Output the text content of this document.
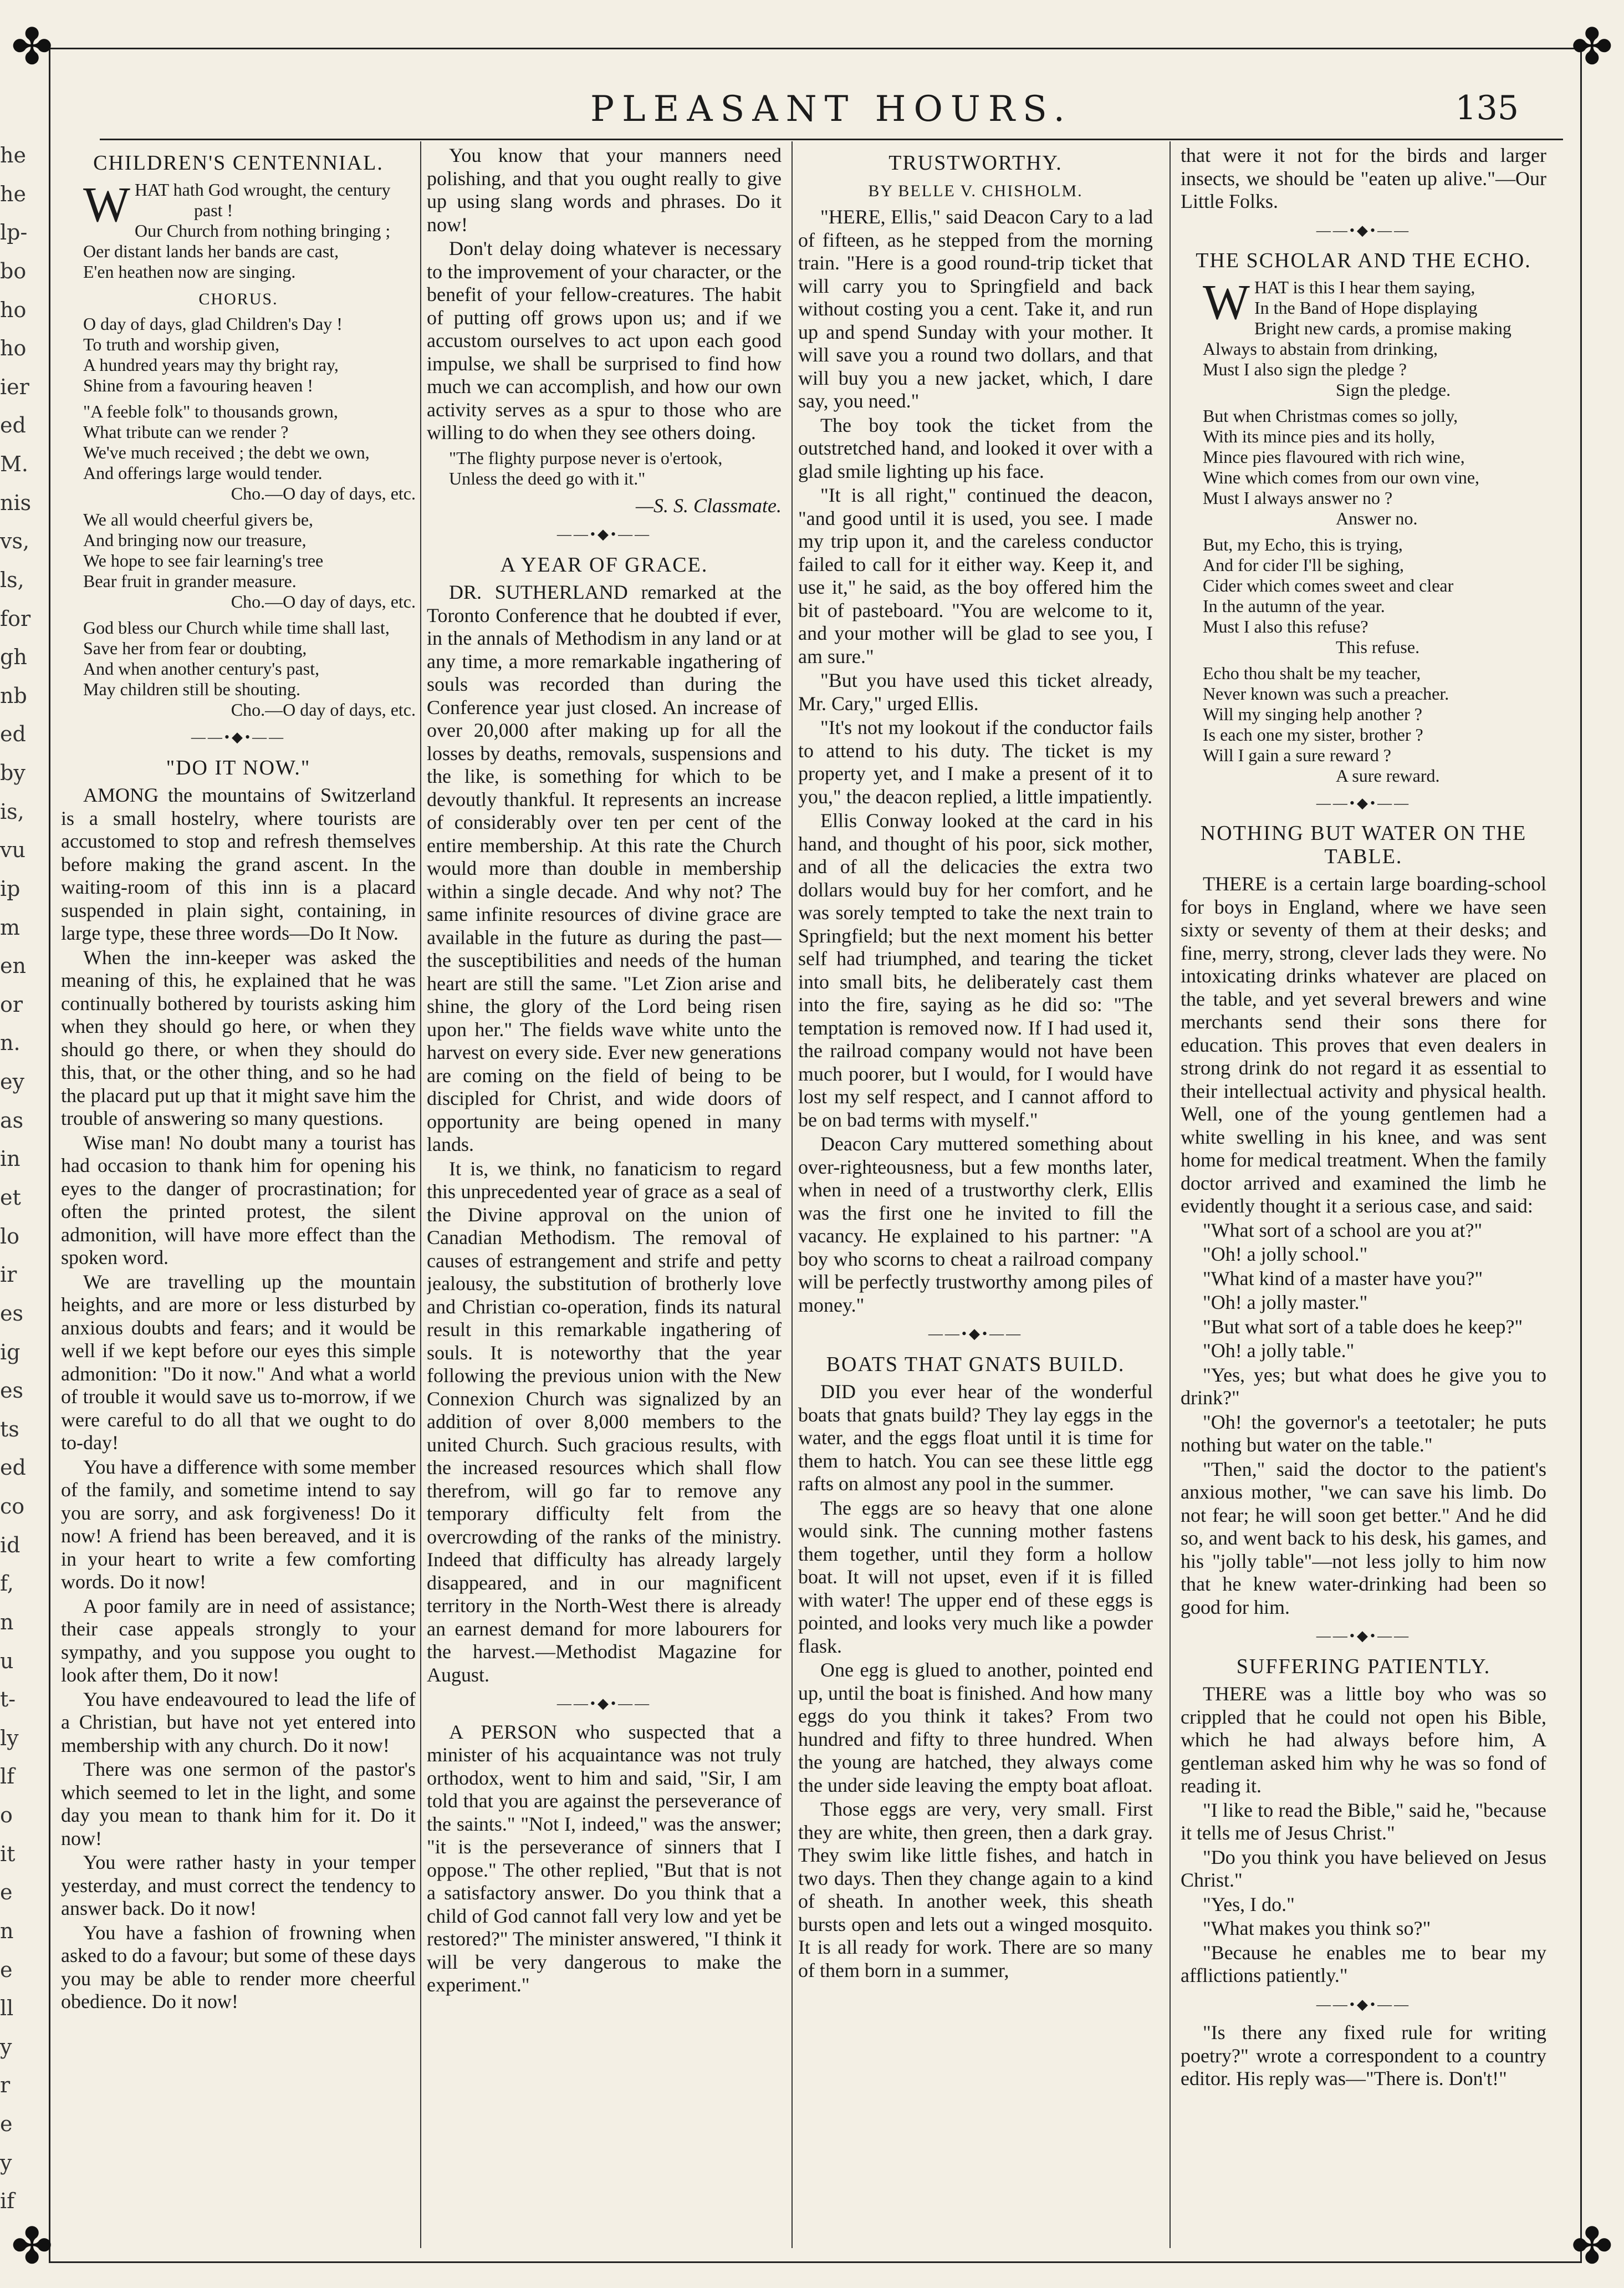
✤	✤
✤	✤
he
he
lp-
bo
ho
ho
ier
ed
M.
nis
vs,
ls,
for
gh
nb
ed
by
is,
vu
ip
m
en
or
n.
ey
as
in
et
lo
ir
es
ig
es
ts
ed
co
id
f,
n
u
t-
ly
lf
o
it
e
n
e
ll
y
r
e
y
if
PLEASANT HOURS.	135
CHILDREN'S CENTENNIAL.
W HAT hath God wrought, the century
past !
Our Church from nothing bringing ;
Oer distant lands her bands are cast,
E'en heathen now are singing.
CHORUS.
O day of days, glad Children's Day !
To truth and worship given,
A hundred years may thy bright ray,
Shine from a favouring heaven !
"A feeble folk" to thousands grown,
What tribute can we render ?
We've much received ; the debt we own,
And offerings large would tender.
Cho.—O day of days, etc.
We all would cheerful givers be,
And bringing now our treasure,
We hope to see fair learning's tree
Bear fruit in grander measure.
Cho.—O day of days, etc.
God bless our Church while time shall last,
Save her from fear or doubting,
And when another century's past,
May children still be shouting.
Cho.—O day of days, etc.
——•◆•——
"DO IT NOW."

AMONG the mountains of Switzerland is a small hostelry, where tourists are accustomed to stop and refresh themselves before making the grand ascent. In the waiting-room of this inn is a placard suspended in plain sight, containing, in large type, these three words—Do It Now.

When the inn-keeper was asked the meaning of this, he explained that he was continually bothered by tourists asking him when they should go here, or when they should go there, or when they should do this, that, or the other thing, and so he had the placard put up that it might save him the trouble of answering so many questions.

Wise man! No doubt many a tourist has had occasion to thank him for opening his eyes to the danger of procrastination; for often the printed protest, the silent admonition, will have more effect than the spoken word.

We are travelling up the mountain heights, and are more or less disturbed by anxious doubts and fears; and it would be well if we kept before our eyes this simple admonition: "Do it now." And what a world of trouble it would save us to-morrow, if we were careful to do all that we ought to do to-day!

You have a difference with some member of the family, and sometime intend to say you are sorry, and ask forgiveness! Do it now! A friend has been bereaved, and it is in your heart to write a few comforting words. Do it now!

A poor family are in need of assistance; their case appeals strongly to your sympathy, and you suppose you ought to look after them, Do it now!

You have endeavoured to lead the life of a Christian, but have not yet entered into membership with any church. Do it now!

There was one sermon of the pastor's which seemed to let in the light, and some day you mean to thank him for it. Do it now!

You were rather hasty in your temper yesterday, and must correct the tendency to answer back. Do it now!

You have a fashion of frowning when asked to do a favour; but some of these days you may be able to render more cheerful obedience. Do it now!

You know that your manners need polishing, and that you ought really to give up using slang words and phrases. Do it now!

Don't delay doing whatever is necessary to the improvement of your character, or the benefit of your fellow-creatures. The habit of putting off grows upon us; and if we accustom ourselves to act upon each good impulse, we shall be surprised to find how much we can accomplish, and how our own activity serves as a spur to those who are willing to do when they see others doing.

"The flighty purpose never is o'ertook,
Unless the deed go with it."
—S. S. Classmate.
——•◆•——
A YEAR OF GRACE.

DR. SUTHERLAND remarked at the Toronto Conference that he doubted if ever, in the annals of Methodism in any land or at any time, a more remarkable ingathering of souls was recorded than during the Conference year just closed. An increase of over 20,000 after making up for all the losses by deaths, removals, suspensions and the like, is something for which to be devoutly thankful. It represents an increase of considerably over ten per cent of the entire membership. At this rate the Church would more than double in membership within a single decade. And why not? The same infinite resources of divine grace are available in the future as during the past—the susceptibilities and needs of the human heart are still the same. "Let Zion arise and shine, the glory of the Lord being risen upon her." The fields wave white unto the harvest on every side. Ever new generations are coming on the field of being to be discipled for Christ, and wide doors of opportunity are being opened in many lands.

It is, we think, no fanaticism to regard this unprecedented year of grace as a seal of the Divine approval on the union of Canadian Methodism. The removal of causes of estrangement and strife and petty jealousy, the substitution of brotherly love and Christian co-operation, finds its natural result in this remarkable ingathering of souls. It is noteworthy that the year following the previous union with the New Connexion Church was signalized by an addition of over 8,000 members to the united Church. Such gracious results, with the increased resources which shall flow therefrom, will go far to remove any temporary difficulty felt from the overcrowding of the ranks of the ministry. Indeed that difficulty has already largely disappeared, and in our magnificent territory in the North-West there is already an earnest demand for more labourers for the harvest.—Methodist Magazine for August.

——•◆•——

A PERSON who suspected that a minister of his acquaintance was not truly orthodox, went to him and said, "Sir, I am told that you are against the perseverance of the saints." "Not I, indeed," was the answer; "it is the perseverance of sinners that I oppose." The other replied, "But that is not a satisfactory answer. Do you think that a child of God cannot fall very low and yet be restored?" The minister answered, "I think it will be very dangerous to make the experiment."

TRUSTWORTHY.
BY BELLE V. CHISHOLM.

"HERE, Ellis," said Deacon Cary to a lad of fifteen, as he stepped from the morning train. "Here is a good round-trip ticket that will carry you to Springfield and back without costing you a cent. Take it, and run up and spend Sunday with your mother. It will save you a round two dollars, and that will buy you a new jacket, which, I dare say, you need."

The boy took the ticket from the outstretched hand, and looked it over with a glad smile lighting up his face.

"It is all right," continued the deacon, "and good until it is used, you see. I made my trip upon it, and the careless conductor failed to call for it either way. Keep it, and use it," he said, as the boy offered him the bit of pasteboard. "You are welcome to it, and your mother will be glad to see you, I am sure."

"But you have used this ticket already, Mr. Cary," urged Ellis.

"It's not my lookout if the conductor fails to attend to his duty. The ticket is my property yet, and I make a present of it to you," the deacon replied, a little impatiently.

Ellis Conway looked at the card in his hand, and thought of his poor, sick mother, and of all the delicacies the extra two dollars would buy for her comfort, and he was sorely tempted to take the next train to Springfield; but the next moment his better self had triumphed, and tearing the ticket into small bits, he deliberately cast them into the fire, saying as he did so: "The temptation is removed now. If I had used it, the railroad company would not have been much poorer, but I would, for I would have lost my self respect, and I cannot afford to be on bad terms with myself."

Deacon Cary muttered something about over-righteousness, but a few months later, when in need of a trustworthy clerk, Ellis was the first one he invited to fill the vacancy. He explained to his partner: "A boy who scorns to cheat a railroad company will be perfectly trustworthy among piles of money."

——•◆•——
BOATS THAT GNATS BUILD.

DID you ever hear of the wonderful boats that gnats build? They lay eggs in the water, and the eggs float until it is time for them to hatch. You can see these little egg rafts on almost any pool in the summer.

The eggs are so heavy that one alone would sink. The cunning mother fastens them together, until they form a hollow boat. It will not upset, even if it is filled with water! The upper end of these eggs is pointed, and looks very much like a powder flask.

One egg is glued to another, pointed end up, until the boat is finished. And how many eggs do you think it takes? From two hundred and fifty to three hundred. When the young are hatched, they always come the under side leaving the empty boat afloat.

Those eggs are very, very small. First they are white, then green, then a dark gray. They swim like little fishes, and hatch in two days. Then they change again to a kind of sheath. In another week, this sheath bursts open and lets out a winged mosquito. It is all ready for work. There are so many of them born in a summer,

that were it not for the birds and larger insects, we should be "eaten up alive."—Our Little Folks.

——•◆•——
THE SCHOLAR AND THE ECHO.
W HAT is this I hear them saying,
In the Band of Hope displaying
Bright new cards, a promise making
Always to abstain from drinking,
Must I also sign the pledge ?
Sign the pledge.
But when Christmas comes so jolly,
With its mince pies and its holly,
Mince pies flavoured with rich wine,
Wine which comes from our own vine,
Must I always answer no ?
Answer no.
But, my Echo, this is trying,
And for cider I'll be sighing,
Cider which comes sweet and clear
In the autumn of the year.
Must I also this refuse?
This refuse.
Echo thou shalt be my teacher,
Never known was such a preacher.
Will my singing help another ?
Is each one my sister, brother ?
Will I gain a sure reward ?
A sure reward.
——•◆•——
NOTHING BUT WATER ON THE TABLE.

THERE is a certain large boarding-school for boys in England, where we have seen sixty or seventy of them at their desks; and fine, merry, strong, clever lads they were. No intoxicating drinks whatever are placed on the table, and yet several brewers and wine merchants send their sons there for education. This proves that even dealers in strong drink do not regard it as essential to their intellectual activity and physical health. Well, one of the young gentlemen had a white swelling in his knee, and was sent home for medical treatment. When the family doctor arrived and examined the limb he evidently thought it a serious case, and said:

"What sort of a school are you at?"

"Oh! a jolly school."

"What kind of a master have you?"

"Oh! a jolly master."

"But what sort of a table does he keep?"

"Oh! a jolly table."

"Yes, yes; but what does he give you to drink?"

"Oh! the governor's a teetotaler; he puts nothing but water on the table."

"Then," said the doctor to the patient's anxious mother, "we can save his limb. Do not fear; he will soon get better." And he did so, and went back to his desk, his games, and his "jolly table"—not less jolly to him now that he knew water-drinking had been so good for him.

——•◆•——
SUFFERING PATIENTLY.

THERE was a little boy who was so crippled that he could not open his Bible, which he had always before him, A gentleman asked him why he was so fond of reading it.

"I like to read the Bible," said he, "because it tells me of Jesus Christ."

"Do you think you have believed on Jesus Christ."

"Yes, I do."

"What makes you think so?"

"Because he enables me to bear my afflictions patiently."

——•◆•——

"Is there any fixed rule for writing poetry?" wrote a correspondent to a country editor. His reply was—"There is. Don't!"
